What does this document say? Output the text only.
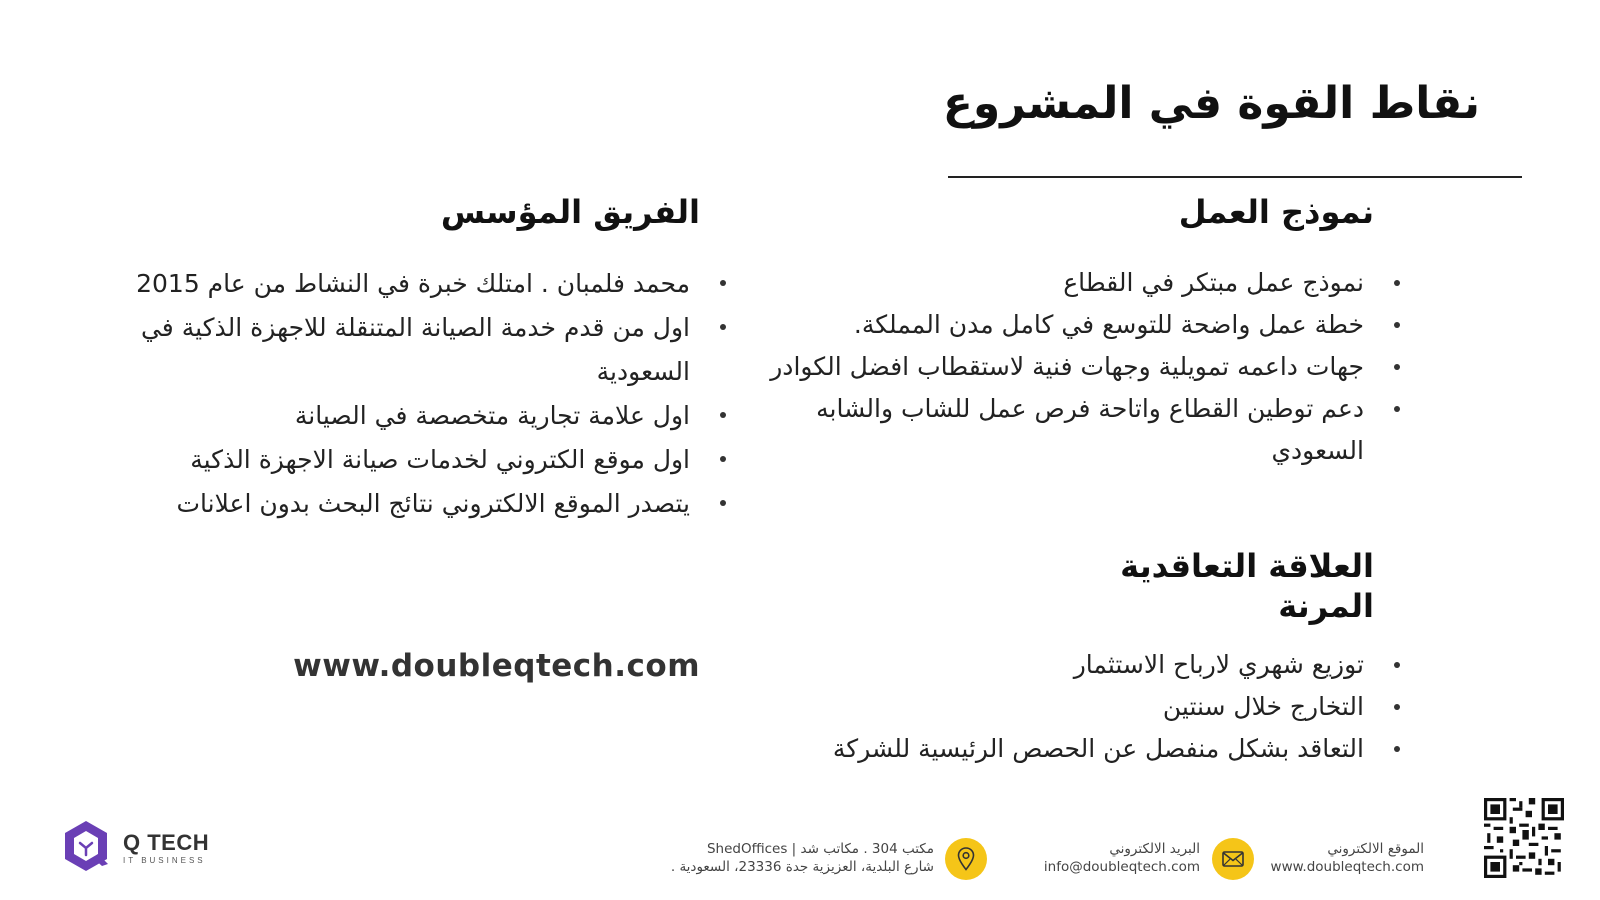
نقاط القوة في المشروع
نموذج العمل
نموذج عمل مبتكر في القطاع
خطة عمل واضحة للتوسع في كامل مدن المملكة.
جهات داعمه تمويلية وجهات فنية لاستقطاب افضل الكوادر
دعم توطين القطاع واتاحة فرص عمل للشاب والشابه السعودي
العلاقة التعاقدية المرنة
توزيع شهري لارباح الاستثمار
التخارج خلال سنتين
التعاقد بشكل منفصل عن الحصص الرئيسية للشركة
الفريق المؤسس
محمد فلمبان . امتلك خبرة في النشاط من عام 2015
اول من قدم خدمة الصيانة المتنقلة للاجهزة الذكية في السعودية
اول علامة تجارية متخصصة في الصيانة
اول موقع الكتروني لخدمات صيانة الاجهزة الذكية
يتصدر الموقع الالكتروني نتائج البحث بدون اعلانات
www.doubleqtech.com
الموقع الالكتروني
www.doubleqtech.com
البريد الالكتروني
info@doubleqtech.com
مكتب 304 . مكاتب شد | ShedOffices
شارع البلدية، العزيزية جدة 23336، السعودية .
Q TECH
IT BUSINESS
